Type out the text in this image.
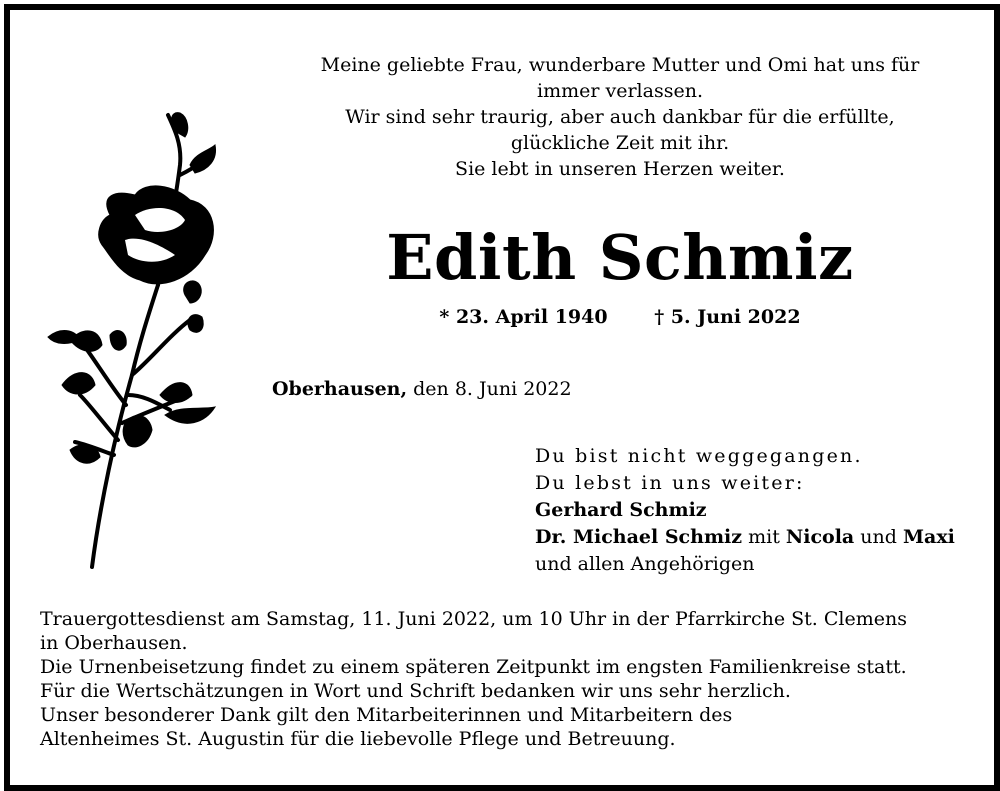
Meine geliebte Frau, wunderbare Mutter und Omi hat uns für
immer verlassen.
Wir sind sehr traurig, aber auch dankbar für die erfüllte,
glückliche Zeit mit ihr.
Sie lebt in unseren Herzen weiter.
Edith Schmiz
* 23. April 1940 † 5. Juni 2022
Oberhausen, den 8. Juni 2022
Du bist nicht weggegangen.
Du lebst in uns weiter:
Gerhard Schmiz
Dr. Michael Schmiz mit Nicola und Maxi
und allen Angehörigen
Trauergottesdienst am Samstag, 11. Juni 2022, um 10 Uhr in der Pfarrkirche St. Clemens
in Oberhausen.
Die Urnenbeisetzung findet zu einem späteren Zeitpunkt im engsten Familienkreise statt.
Für die Wertschätzungen in Wort und Schrift bedanken wir uns sehr herzlich.
Unser besonderer Dank gilt den Mitarbeiterinnen und Mitarbeitern des
Altenheimes St. Augustin für die liebevolle Pflege und Betreuung.
